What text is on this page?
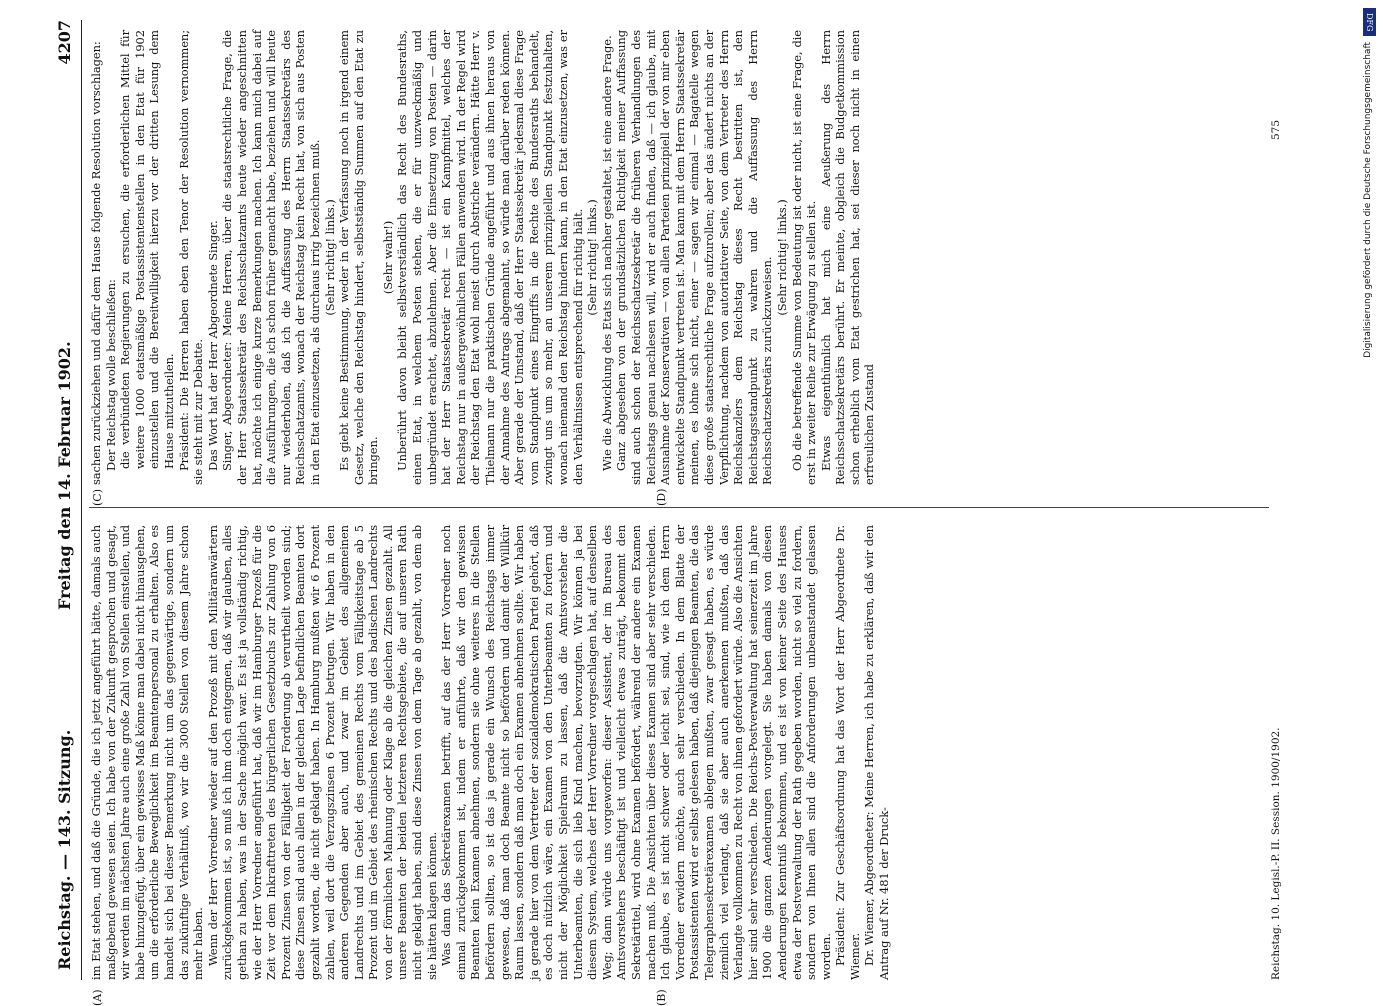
Reichstag. — 143. Sitzung.
Freitag den 14. Februar 1902.
4207
(A)	(B)
(C)	(D)

im Etat stehen, und daß die Gründe, die ich jetzt angeführt hätte, damals auch maßgebend gewesen seien. Ich habe von der Zukunft gesprochen und gesagt, wir werden im nächsten Jahre auch eine große Zahl von Stellen einstellen, und habe hinzugefügt, über ein gewisses Maß könne man dabei nicht hinausgehen, um die erforderliche Beweglichkeit im Beamtenpersonal zu erhalten. Also es handelt sich bei dieser Bemerkung nicht um das gegenwärtige, sondern um das zukünftige Verhältniß, wo wir die 3000 Stellen von diesem Jahre schon mehr haben. Wenn der Herr Vorredner wieder auf den Prozeß mit den Militäranwärtern zurückgekommen ist, so muß ich ihm doch entgegnen, daß wir glauben, alles gethan zu haben, was in der Sache möglich war. Es ist ja vollständig richtig, wie der Herr Vorredner angeführt hat, daß wir im Hamburger Prozeß für die Zeit vor dem Inkrafttreten des bürgerlichen Gesetzbuchs zur Zahlung von 6 Prozent Zinsen von der Fälligkeit der Forderung ab verurtheilt worden sind; diese Zinsen sind auch allen in der gleichen Lage befindlichen Beamten dort gezahlt worden, die nicht geklagt haben. In Hamburg mußten wir 6 Prozent zahlen, weil dort die Verzugszinsen 6 Prozent betrugen. Wir haben in den anderen Gegenden aber auch, und zwar im Gebiet des allgemeinen Landrechts und im Gebiet des gemeinen Rechts vom Fälligkeitstage ab 5 Prozent und im Gebiet des rheinischen Rechts und des badischen Landrechts von der förmlichen Mahnung oder Klage ab die gleichen Zinsen gezahlt. All unsere Beamten der beiden letzteren Rechtsgebiete, die auf unseren Rath nicht geklagt haben, sind diese Zinsen von dem Tage ab gezahlt, von dem ab sie hätten klagen können. Was dann das Sekretärexamen betrifft, auf das der Herr Vorredner noch einmal zurückgekommen ist, indem er anführte, daß wir den gewissen Beamten kein Examen abnehmen, sondern sie ohne weiteres in die Stellen befördern sollten, so ist das ja gerade ein Wunsch des Reichstags immer gewesen, daß man doch Beamte nicht so befördern und damit der Willkür Raum lassen, sondern daß man doch ein Examen abnehmen sollte. Wir haben ja gerade hier von dem Vertreter der sozialdemokratischen Partei gehört, daß es doch nützlich wäre, ein Examen von den Unterbeamten zu fordern und nicht der Möglichkeit Spielraum zu lassen, daß die Amtsvorsteher die Unterbeamten, die sich lieb Kind machen, bevorzugten. Wir können ja bei diesem System, welches der Herr Vorredner vorgeschlagen hat, auf denselben Weg; dann würde uns vorgeworfen: dieser Assistent, der im Bureau des Amtsvorstehers beschäftigt ist und vielleicht etwas zuträgt, bekommt den Sekretärtitel, wird ohne Examen befördert, während der andere ein Examen machen muß. Die Ansichten über dieses Examen sind aber sehr verschieden. Ich glaube, es ist nicht schwer oder leicht sei, sind, wie ich dem Herrn Vorredner erwidern möchte, auch sehr verschieden. In dem Blatte der Postassistenten wird er selbst gelesen haben, daß diejenigen Beamten, die das Telegraphensekretärexamen ablegen mußten, zwar gesagt haben, es würde ziemlich viel verlangt, daß sie aber auch anerkennen mußten, daß das Verlangte vollkommen zu Recht von ihnen gefordert würde. Also die Ansichten hier sind sehr verschieden. Die Reichs-Postverwaltung hat seinerzeit im Jahre 1900 die ganzen Aenderungen vorgelegt. Sie haben damals von diesen Aenderungen Kenntniß bekommen, und es ist von keiner Seite des Hauses etwa der Postverwaltung der Rath gegeben worden, nicht so viel zu fordern, sondern von Ihnen allen sind die Anforderungen unbeanstandet gelassen worden. Präsident: Zur Geschäftsordnung hat das Wort der Herr Abgeordnete Dr. Wiemer. Dr. Wiemer, Abgeordneter: Meine Herren, ich habe zu erklären, daß wir den Antrag auf Nr. 481 der Druck-

sachen zurückziehen und dafür dem Hause folgende Resolution vorschlagen: Der Reichstag wolle beschließen: die verbündeten Regierungen zu ersuchen, die erforderlichen Mittel für weitere 1000 etatsmäßige Postassistentenstellen in den Etat für 1902 einzustellen und die Bereitwilligkeit hierzu vor der dritten Lesung dem Hause mitzutheilen. Präsident: Die Herren haben eben den Tenor der Resolution vernommen; sie steht mit zur Debatte. Das Wort hat der Herr Abgeordnete Singer. Singer, Abgeordneter: Meine Herren, über die staatsrechtliche Frage, die der Herr Staatssekretär des Reichsschatzamts heute wieder angeschnitten hat, möchte ich einige kurze Bemerkungen machen. Ich kann mich dabei auf die Ausführungen, die ich schon früher gemacht habe, beziehen und will heute nur wiederholen, daß ich die Auffassung des Herrn Staatssekretärs des Reichsschatzamts, wonach der Reichstag kein Recht hat, von sich aus Posten in den Etat einzusetzen, als durchaus irrig bezeichnen muß. (Sehr richtig! links.) Es giebt keine Bestimmung, weder in der Verfassung noch in irgend einem Gesetz, welche den Reichstag hindert, selbstständig Summen auf den Etat zu bringen.

(Sehr wahr!) Unberührt davon bleibt selbstverständlich das Recht des Bundesraths, einen Etat, in welchem Posten stehen, die er für unzweckmäßig und unbegründet erachtet, abzulehnen. Aber die Einsetzung von Posten — darin hat der Herr Staatssekretär recht — ist ein Kampfmittel, welches der Reichstag nur in außergewöhnlichen Fällen anwenden wird. In der Regel wird der Reichstag den Etat wohl meist durch Abstriche verändern. Hätte Herr v. Thielmann nur die praktischen Gründe angeführt und aus ihnen heraus von der Annahme des Antrags abgemahnt, so würde man darüber reden können. Aber gerade der Umstand, daß der Herr Staatssekretär jedesmal diese Frage vom Standpunkt eines Eingriffs in die Rechte des Bundesraths behandelt, zwingt uns um so mehr, an unserem prinzipiellen Standpunkt festzuhalten, wonach niemand den Reichstag hindern kann, in den Etat einzusetzen, was er den Verhältnissen entsprechend für richtig hält. (Sehr richtig! links.) Wie die Abwicklung des Etats sich nachher gestaltet, ist eine andere Frage. Ganz abgesehen von der grundsätzlichen Richtigkeit meiner Auffassung sind auch schon der Reichsschatzsekretär die früheren Verhandlungen des Reichstags genau nachlesen will, wird er auch finden, daß — ich glaube, mit Ausnahme der Konservativen — von allen Parteien prinzipiell der von mir eben entwickelte Standpunkt vertreten ist. Man kann mit dem Herrn Staatssekretär meinen, es lohne sich nicht, einer — sagen wir einmal — Bagatelle wegen diese große staatsrechtliche Frage aufzurollen; aber das ändert nichts an der Verpflichtung, nachdem von autoritativer Seite, von dem Vertreter des Herrn Reichskanzlers dem Reichstag dieses Recht bestritten ist, den Reichstagsstandpunkt zu wahren und die Auffassung des Herrn Reichsschatzsekretärs zurückzuweisen. (Sehr richtig! links.) Ob die betreffende Summe von Bedeutung ist oder nicht, ist eine Frage, die erst in zweiter Reihe zur Erwägung zu stellen ist. Etwas eigenthümlich hat mich eine Aeußerung des Herrn Reichsschatzsekretärs berührt. Er meinte, obgleich die Budgetkommission schon erheblich vom Etat gestrichen hat, sei dieser noch nicht in einen erfreulichen Zustand

Reichstag. 10. Legisl.-P. II. Session. 1900/1902.
575
DFG
Digitalisierung gefördert durch die Deutsche Forschungsgemeinschaft
